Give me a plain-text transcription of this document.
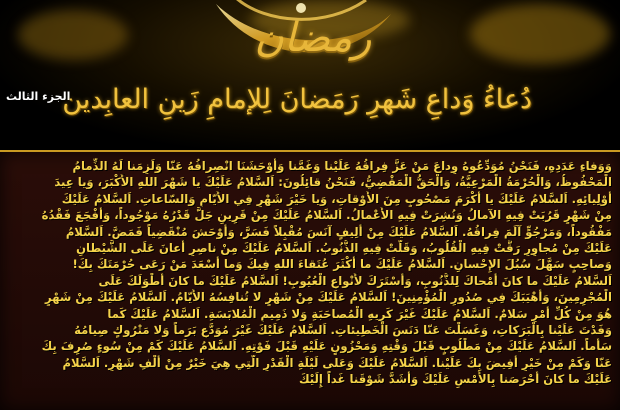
رمضان
الجزء الثالث
دُعاءُ وَداعِ شَهرِ رَمَضانَ لِلإمامِ زَينِ العابِدين
وَوَفاءِ عَدَدِهِ، فَنَحْنُ مُوَدِّعُوهُ وِداعَ مَنْ عَزَّ فِراقُهُ عَلَيْنا وَغَمَّنا وَأَوْحَشَنَا انْصِرافُهُ عَنّا وَلَزِمَنا لَهُ الذِّمامُ
الْمَحْفُوظُ، وَالْحُرْمَةُ الْمَرْعِيَّةُ، وَالْحَقُّ الْمَقْضِيُّ، فَنَحْنُ قائِلُونَ: اَلسَّلامُ عَلَيْكَ يا شَهْرَ اللهِ الأَكْبَرَ، وَيا عِيدَ
أَوْلِيائِهِ. اَلسَّلامُ عَلَيْكَ يا أَكْرَمَ مَصْحُوبٍ مِنَ الأَوْقاتِ، وَيا خَيْرَ شَهْرٍ فِي الأَيّامِ وَالسّاعاتِ. اَلسَّلامُ عَلَيْكَ
مِنْ شَهْرٍ قَرُبَتْ فِيهِ الآمالُ وَنُشِرَتْ فِيهِ الأَعْمالُ. اَلسَّلامُ عَلَيْكَ مِنْ قَرِينٍ جَلَّ قَدْرُهُ مَوْجُوداً، وَأَفْجَعَ فَقْدُهُ
مَفْقُوداً، وَمَرْجُوٍّ آلَمَ فِراقُهُ. اَلسَّلامُ عَلَيْكَ مِنْ أَلِيفٍ آنَسَ مُقْبِلاً فَسَرَّ، وَأَوْحَشَ مُنْقَضِياً فَمَضَّ. اَلسَّلامُ
عَلَيْكَ مِنْ مُجاوِرٍ رَقَّتْ فِيهِ الْقُلُوبُ، وَقَلَّتْ فِيهِ الذُّنُوبُ. اَلسَّلامُ عَلَيْكَ مِنْ ناصِرٍ أَعانَ عَلَى الشَّيْطانِ
وَصاحِبٍ سَهَّلَ سُبُلَ الإِحْسانِ. اَلسَّلامُ عَلَيْكَ ما أَكْثَرَ عُتَقاءَ اللهِ فِيكَ وَما أَسْعَدَ مَنْ رَعَى حُرْمَتَكَ بِكَ!
اَلسَّلامُ عَلَيْكَ ما كانَ أَمْحاكَ لِلذُّنُوبِ، وَأَسْتَرَكَ لأَنْواعِ الْعُيُوبِ! اَلسَّلامُ عَلَيْكَ ما كانَ أَطْوَلَكَ عَلَى
الْمُجْرِمِينَ، وَأَهْيَبَكَ فِي صُدُورِ الْمُؤْمِنِينَ! اَلسَّلامُ عَلَيْكَ مِنْ شَهْرٍ لا تُنافِسُهُ الأَيّامُ. اَلسَّلامُ عَلَيْكَ مِنْ شَهْرٍ
هُوَ مِنْ كُلِّ أَمْرٍ سَلامٌ. اَلسَّلامُ عَلَيْكَ غَيْرَ كَرِيهِ الْمُصاحَبَةِ وَلا ذَمِيمِ الْمُلابَسَةِ. اَلسَّلامُ عَلَيْكَ كَما
وَفَدْتَ عَلَيْنا بِالْبَرَكاتِ، وَغَسَلْتَ عَنّا دَنَسَ الْخَطِيئاتِ. اَلسَّلامُ عَلَيْكَ غَيْرَ مُوَدَّعٍ بَرَماً وَلا مَتْرُوكٍ صِيامُهُ
سَأَماً. اَلسَّلامُ عَلَيْكَ مِنْ مَطْلُوبٍ قَبْلَ وَقْتِهِ وَمَحْزُونٍ عَلَيْهِ قَبْلَ فَوْتِهِ. اَلسَّلامُ عَلَيْكَ كَمْ مِنْ سُوءٍ صُرِفَ بِكَ
عَنّا وَكَمْ مِنْ خَيْرٍ أُفِيضَ بِكَ عَلَيْنا. اَلسَّلامُ عَلَيْكَ وَعَلى لَيْلَةِ الْقَدْرِ الَّتِي هِيَ خَيْرٌ مِنْ أَلْفِ شَهْرٍ. اَلسَّلامُ
عَلَيْكَ ما كانَ أَحْرَصَنا بِالأَمْسِ عَلَيْكَ وَأَشَدَّ شَوْقَنا غَداً إِلَيْكَ
